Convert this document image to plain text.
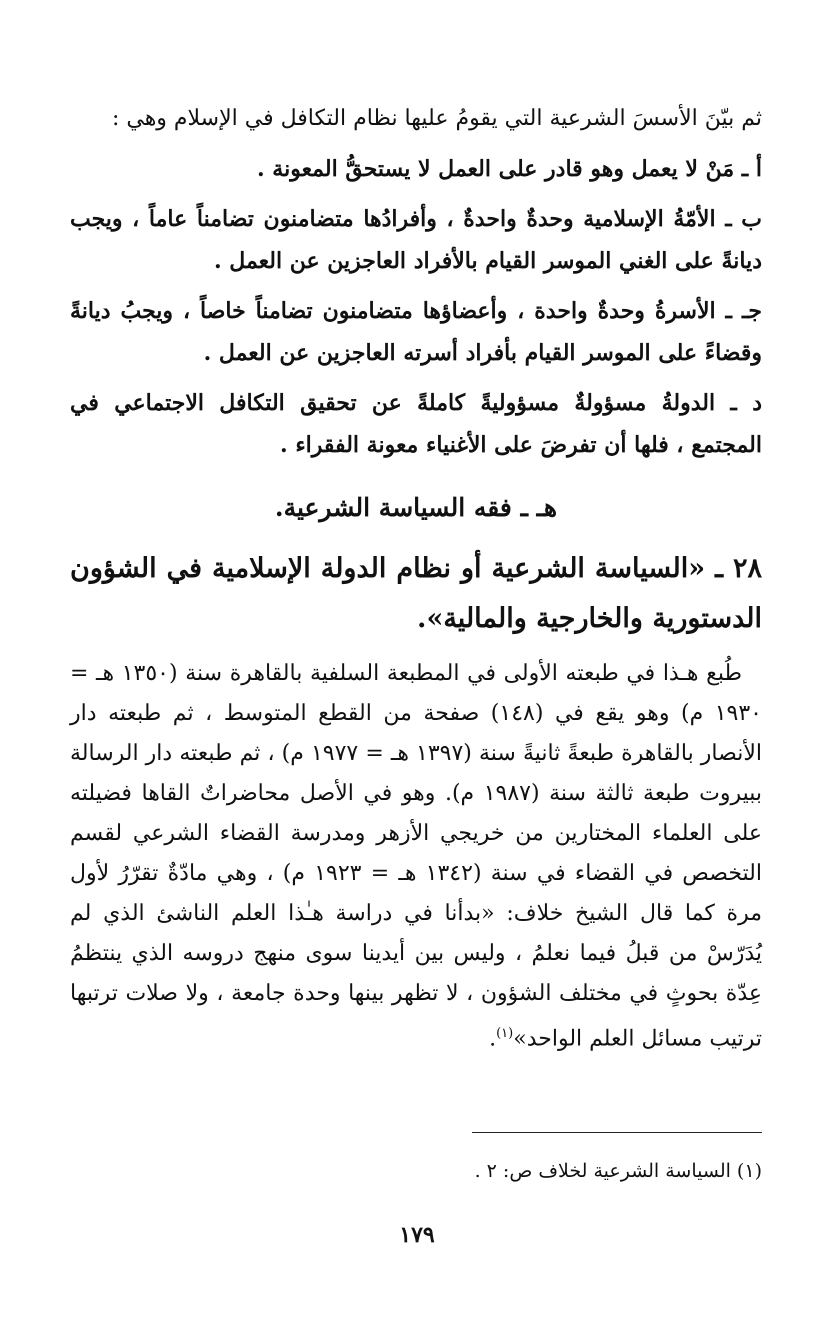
ثم بيّنَ الأسسَ الشرعية التي يقومُ عليها نظام التكافل في الإسلام وهي :

أ ـ مَنْ لا يعمل وهو قادر على العمل لا يستحقُّ المعونة .

ب ـ الأمّةُ الإسلامية وحدةٌ واحدةٌ ، وأفرادُها متضامنون تضامناً عاماً ، ويجب ديانةً على الغني الموسر القيام بالأفراد العاجزين عن العمل .

جـ ـ الأسرةُ وحدةٌ واحدة ، وأعضاؤها متضامنون تضامناً خاصاً ، ويجبُ ديانةً وقضاءً على الموسر القيام بأفراد أسرته العاجزين عن العمل .

د ـ الدولةُ مسؤولةٌ مسؤوليةً كاملةً عن تحقيق التكافل الاجتماعي في المجتمع ، فلها أن تفرضَ على الأغنياء معونة الفقراء .

هـ ـ فقه السياسة الشرعية.
٢٨ ـ «السياسة الشرعية أو نظام الدولة الإسلامية في الشؤون الدستورية والخارجية والمالية».

طُبع هـذا في طبعته الأولى في المطبعة السلفية بالقاهرة سنة (١٣٥٠ هـ = ١٩٣٠ م) وهو يقع في (١٤٨) صفحة من القطع المتوسط ، ثم طبعته دار الأنصار بالقاهرة طبعةً ثانيةً سنة (١٣٩٧ هـ = ١٩٧٧ م) ، ثم طبعته دار الرسالة ببيروت طبعة ثالثة سنة (١٩٨٧ م). وهو في الأصل محاضراتٌ القاها فضيلته على العلماء المختارين من خريجي الأزهر ومدرسة القضاء الشرعي لقسم التخصص في القضاء في سنة (١٣٤٢ هـ = ١٩٢٣ م) ، وهي مادّةٌ تقرّرُ لأول مرة كما قال الشيخ خلاف: «بدأنا في دراسة هـٰذا العلم الناشئ الذي لم يُدَرّسْ من قبلُ فيما نعلمُ ، وليس بين أيدينا سوى منهج دروسه الذي ينتظمُ عِدّة بحوثٍ في مختلف الشؤون ، لا تظهر بينها وحدة جامعة ، ولا صلات ترتبها ترتيب مسائل العلم الواحد»$^{(١)}$.

(١) السياسة الشرعية لخلاف ص: ٢ .
١٧٩
